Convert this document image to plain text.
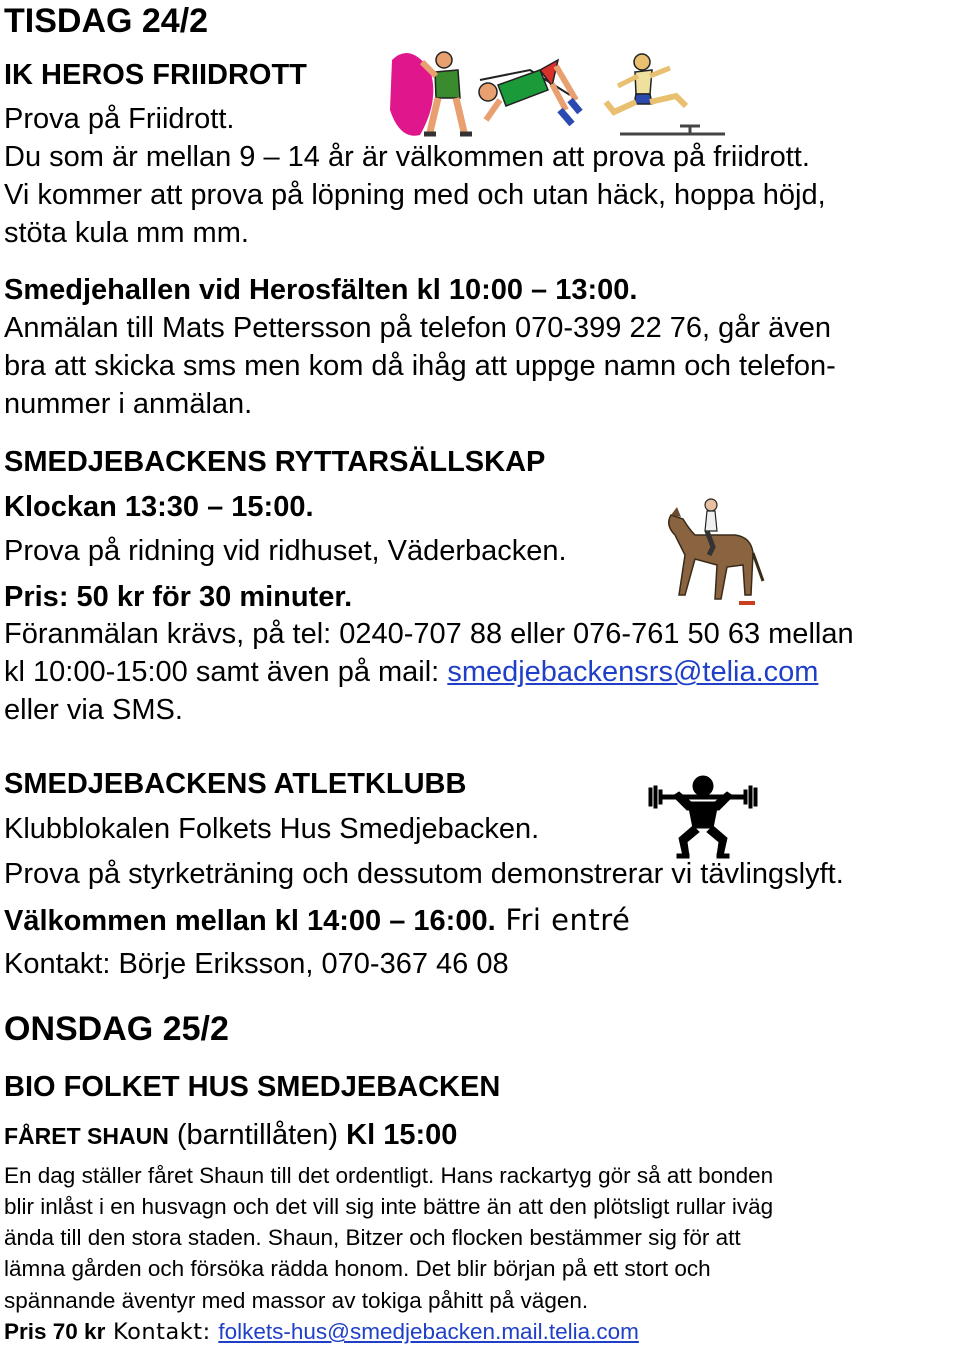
TISDAG 24/2
IK HEROS FRIIDROTT
Prova på Friidrott.
Du som är mellan 9 – 14 år är välkommen att prova på friidrott.
Vi kommer att prova på löpning med och utan häck, hoppa höjd,
stöta kula mm mm.
Smedjehallen vid Herosfälten kl 10:00 – 13:00.
Anmälan till Mats Pettersson på telefon 070-399 22 76, går även
bra att skicka sms men kom då ihåg att uppge namn och telefon-
nummer i anmälan.
SMEDJEBACKENS RYTTARSÄLLSKAP
Klockan 13:30 – 15:00.
Prova på ridning vid ridhuset, Väderbacken.
Pris: 50 kr för 30 minuter.
Föranmälan krävs, på tel: 0240-707 88 eller 076-761 50 63 mellan
kl 10:00-15:00 samt även på mail: smedjebackensrs@telia.com
eller via SMS.
SMEDJEBACKENS ATLETKLUBB
Klubblokalen Folkets Hus Smedjebacken.
Prova på styrketräning och dessutom demonstrerar vi tävlingslyft.
Välkommen mellan kl 14:00 – 16:00. Fri entré
Kontakt: Börje Eriksson, 070-367 46 08
ONSDAG 25/2
BIO FOLKET HUS SMEDJEBACKEN
FÅRET SHAUN (barntillåten) Kl 15:00
En dag ställer fåret Shaun till det ordentligt. Hans rackartyg gör så att bonden
blir inlåst i en husvagn och det vill sig inte bättre än att den plötsligt rullar iväg
ända till den stora staden. Shaun, Bitzer och flocken bestämmer sig för att
lämna gården och försöka rädda honom. Det blir början på ett stort och
spännande äventyr med massor av tokiga påhitt på vägen.
Pris 70 kr Kontakt: folkets-hus@smedjebacken.mail.telia.com
